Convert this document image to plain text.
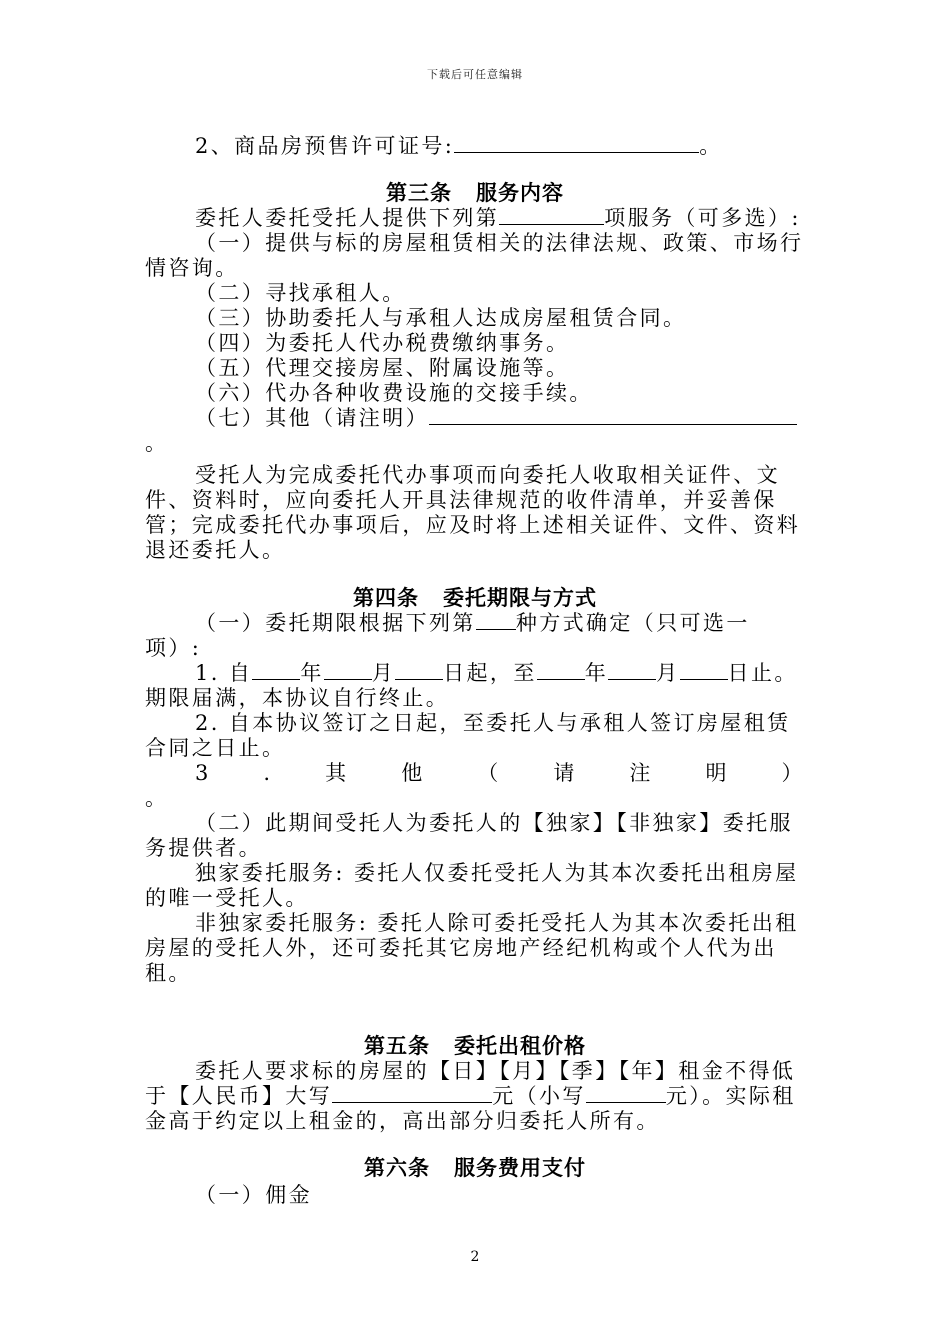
下载后可任意编辑

2、商品房预售许可证号:	。

第三条 服务内容

委托人委托受托人提供下列第	项服务（可多选）:

（一）提供与标的房屋租赁相关的法律法规、政策、市场行情咨询。

（二）寻找承租人。

（三）协助委托人与承租人达成房屋租赁合同。

（四）为委托人代办税费缴纳事务。

（五）代理交接房屋、附属设施等。

（六）代办各种收费设施的交接手续。

（七）其他（请注明）

。

受托人为完成委托代办事项而向委托人收取相关证件、文件、资料时，应向委托人开具法律规范的收件清单，并妥善保管；完成委托代办事项后，应及时将上述相关证件、文件、资料退还委托人。

第四条 委托期限与方式

（一）委托期限根据下列第 种方式确定（只可选一项）:

1. 自 年 月 日起，至 年 月 日止。

期限届满，本协议自行终止。

2. 自本协议签订之日起，至委托人与承租人签订房屋租赁合同之日止。

3	.	其	他	（	请	注	明	）

。

（二）此期间受托人为委托人的【独家】【非独家】委托服务提供者。

独家委托服务: 委托人仅委托受托人为其本次委托出租房屋的唯一受托人。

非独家委托服务: 委托人除可委托受托人为其本次委托出租房屋的受托人外，还可委托其它房地产经纪机构或个人代为出租。

第五条 委托出租价格

委托人要求标的房屋的【日】【月】【季】【年】租金不得低于【人民币】大写	元（小写	元）。实际租金高于约定以上租金的，高出部分归委托人所有。

第六条 服务费用支付

（一）佣金

2
